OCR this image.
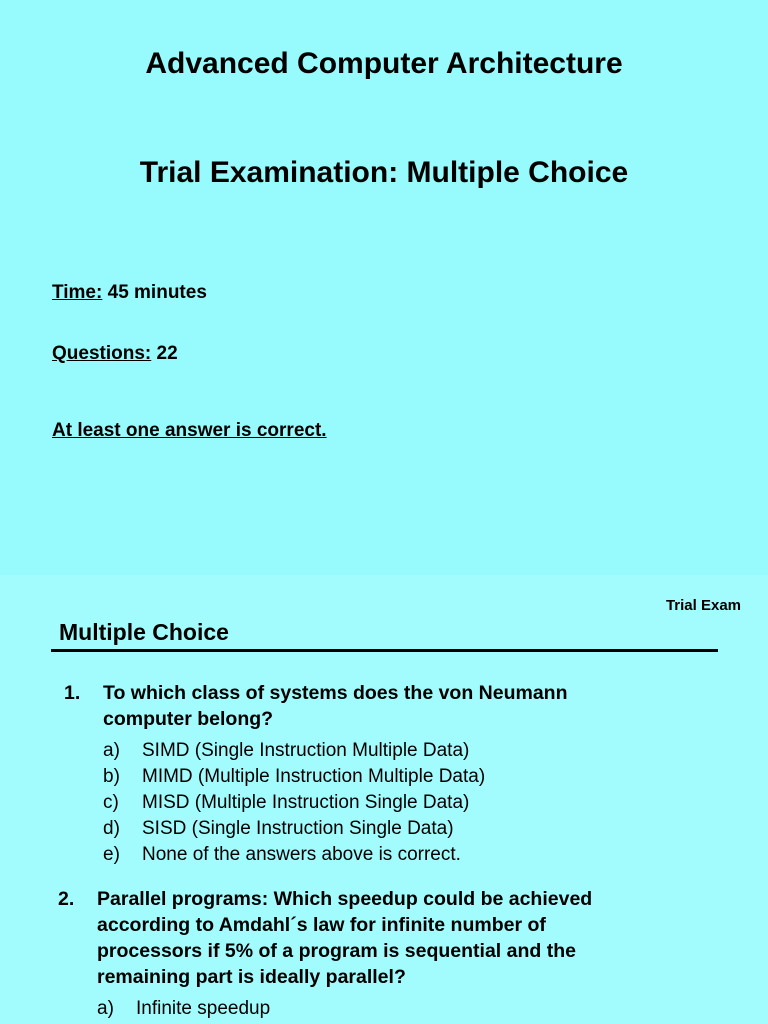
Advanced Computer Architecture
Trial Examination: Multiple Choice
Time: 45 minutes
Questions: 22
At least one answer is correct.
Trial Exam
Multiple Choice
1. To which class of systems does the von Neumann
computer belong?
a) SIMD (Single Instruction Multiple Data)
b) MIMD (Multiple Instruction Multiple Data)
c) MISD (Multiple Instruction Single Data)
d) SISD (Single Instruction Single Data)
e) None of the answers above is correct.
2. Parallel programs: Which speedup could be achieved
according to Amdahl´s law for infinite number of
processors if 5% of a program is sequential and the
remaining part is ideally parallel?
a) Infinite speedup
